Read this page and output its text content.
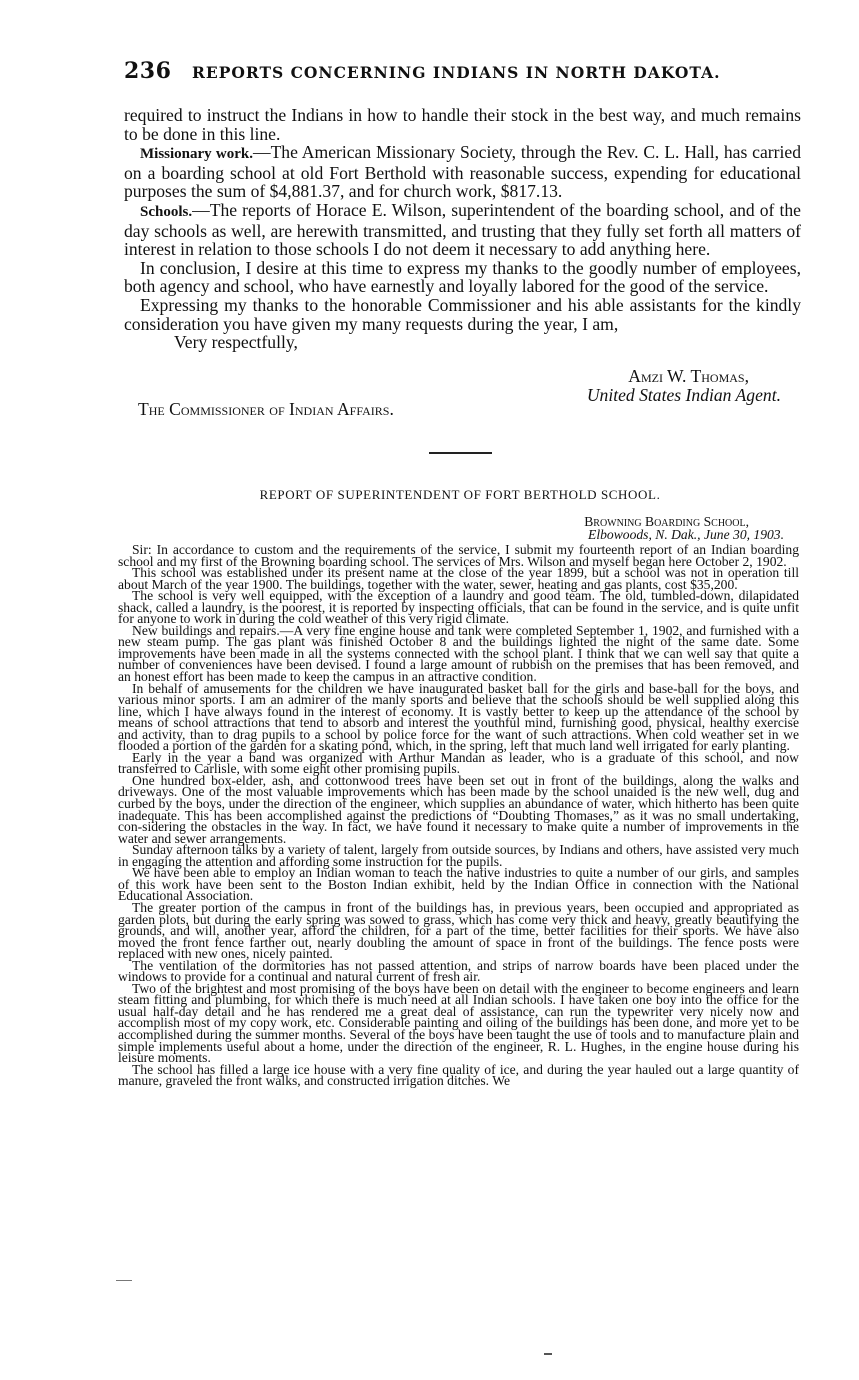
236 REPORTS CONCERNING INDIANS IN NORTH DAKOTA.

required to instruct the Indians in how to handle their stock in the best way, and much remains to be done in this line.

Missionary work.—The American Missionary Society, through the Rev. C. L. Hall, has carried on a boarding school at old Fort Berthold with reasonable success, expending for educational purposes the sum of $4,881.37, and for church work, $817.13.

Schools.—The reports of Horace E. Wilson, superintendent of the boarding school, and of the day schools as well, are herewith transmitted, and trusting that they fully set forth all matters of interest in relation to those schools I do not deem it necessary to add anything here.

In conclusion, I desire at this time to express my thanks to the goodly number of employees, both agency and school, who have earnestly and loyally labored for the good of the service.

Expressing my thanks to the honorable Commissioner and his able assistants for the kindly consideration you have given my many requests during the year, I am,

Very respectfully,

Amzi W. Thomas,
United States Indian Agent.
The Commissioner of Indian Affairs.
REPORT OF SUPERINTENDENT OF FORT BERTHOLD SCHOOL.
Browning Boarding School,
Elbowoods, N. Dak., June 30, 1903.

Sir: In accordance to custom and the requirements of the service, I submit my fourteenth report of an Indian boarding school and my first of the Browning boarding school. The services of Mrs. Wilson and myself began here October 2, 1902.

This school was established under its present name at the close of the year 1899, but a school was not in operation till about March of the year 1900. The buildings, together with the water, sewer, heating and gas plants, cost $35,200.

The school is very well equipped, with the exception of a laundry and good team. The old, tumbled-down, dilapidated shack, called a laundry, is the poorest, it is reported by inspecting officials, that can be found in the service, and is quite unfit for anyone to work in during the cold weather of this very rigid climate.

New buildings and repairs.—A very fine engine house and tank were completed September 1, 1902, and furnished with a new steam pump. The gas plant was finished October 8 and the buildings lighted the night of the same date. Some improvements have been made in all the systems connected with the school plant. I think that we can well say that quite a number of conveniences have been devised. I found a large amount of rubbish on the premises that has been removed, and an honest effort has been made to keep the campus in an attractive condition.

In behalf of amusements for the children we have inaugurated basket ball for the girls and base-ball for the boys, and various minor sports. I am an admirer of the manly sports and believe that the schools should be well supplied along this line, which I have always found in the interest of economy. It is vastly better to keep up the attendance of the school by means of school attractions that tend to absorb and interest the youthful mind, furnishing good, physical, healthy exercise and activity, than to drag pupils to a school by police force for the want of such attractions. When cold weather set in we flooded a portion of the garden for a skating pond, which, in the spring, left that much land well irrigated for early planting.

Early in the year a band was organized with Arthur Mandan as leader, who is a graduate of this school, and now transferred to Carlisle, with some eight other promising pupils.

One hundred box-elder, ash, and cottonwood trees have been set out in front of the buildings, along the walks and driveways. One of the most valuable improvements which has been made by the school unaided is the new well, dug and curbed by the boys, under the direction of the engineer, which supplies an abundance of water, which hitherto has been quite inadequate. This has been accomplished against the predictions of “Doubting Thomases,” as it was no small undertaking, con-sidering the obstacles in the way. In fact, we have found it necessary to make quite a number of improvements in the water and sewer arrangements.

Sunday afternoon talks by a variety of talent, largely from outside sources, by Indians and others, have assisted very much in engaging the attention and affording some instruction for the pupils.

We have been able to employ an Indian woman to teach the native industries to quite a number of our girls, and samples of this work have been sent to the Boston Indian exhibit, held by the Indian Office in connection with the National Educational Association.

The greater portion of the campus in front of the buildings has, in previous years, been occupied and appropriated as garden plots, but during the early spring was sowed to grass, which has come very thick and heavy, greatly beautifying the grounds, and will, another year, afford the children, for a part of the time, better facilities for their sports. We have also moved the front fence farther out, nearly doubling the amount of space in front of the buildings. The fence posts were replaced with new ones, nicely painted.

The ventilation of the dormitories has not passed attention, and strips of narrow boards have been placed under the windows to provide for a continual and natural current of fresh air.

Two of the brightest and most promising of the boys have been on detail with the engineer to become engineers and learn steam fitting and plumbing, for which there is much need at all Indian schools. I have taken one boy into the office for the usual half-day detail and he has rendered me a great deal of assistance, can run the typewriter very nicely now and accomplish most of my copy work, etc. Considerable painting and oiling of the buildings has been done, and more yet to be accomplished during the summer months. Several of the boys have been taught the use of tools and to manufacture plain and simple implements useful about a home, under the direction of the engineer, R. L. Hughes, in the engine house during his leisure moments.

The school has filled a large ice house with a very fine quality of ice, and during the year hauled out a large quantity of manure, graveled the front walks, and constructed irrigation ditches. We
